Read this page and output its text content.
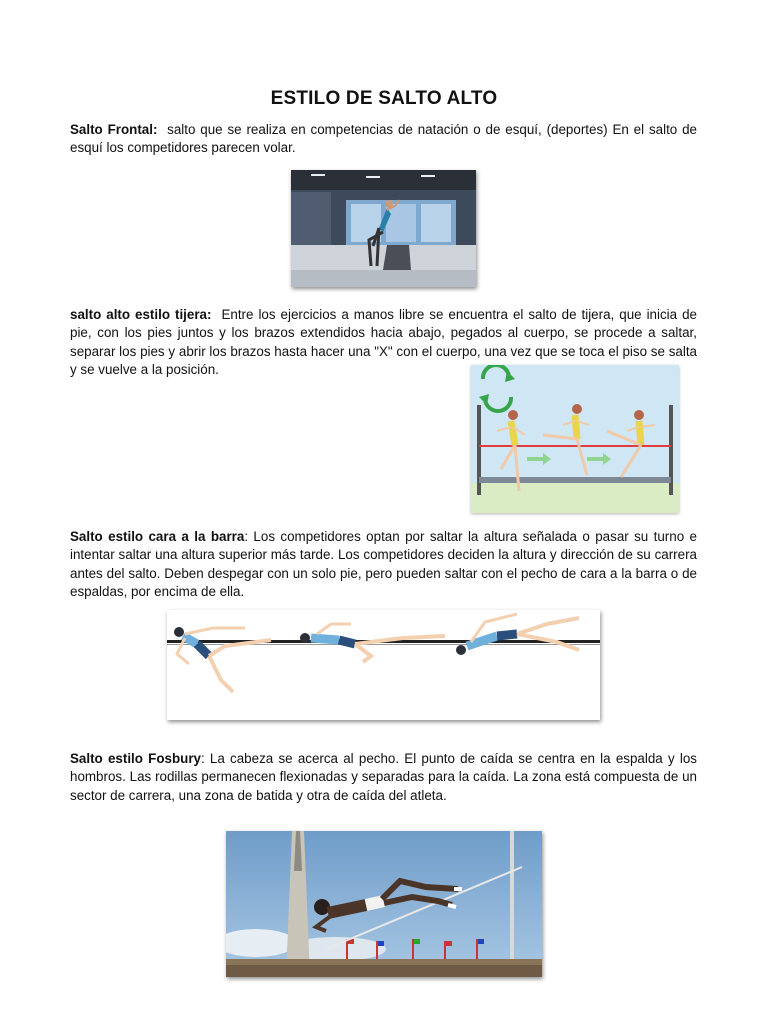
ESTILO DE SALTO ALTO
Salto Frontal: salto que se realiza en competencias de natación o de esquí, (deportes) En el salto de esquí los competidores parecen volar.
salto alto estilo tijera: Entre los ejercicios a manos libre se encuentra el salto de tijera, que inicia de pie, con los pies juntos y los brazos extendidos hacia abajo, pegados al cuerpo, se procede a saltar, separar los pies y abrir los brazos hasta hacer una "X" con el cuerpo, una vez que se toca el piso se salta y se vuelve a la posición.
Salto estilo cara a la barra: Los competidores optan por saltar la altura señalada o pasar su turno e intentar saltar una altura superior más tarde. Los competidores deciden la altura y dirección de su carrera antes del salto. Deben despegar con un solo pie, pero pueden saltar con el pecho de cara a la barra o de espaldas, por encima de ella.
Salto estilo Fosbury: La cabeza se acerca al pecho. El punto de caída se centra en la espalda y los hombros. Las rodillas permanecen flexionadas y separadas para la caída. La zona está compuesta de un sector de carrera, una zona de batida y otra de caída del atleta.
